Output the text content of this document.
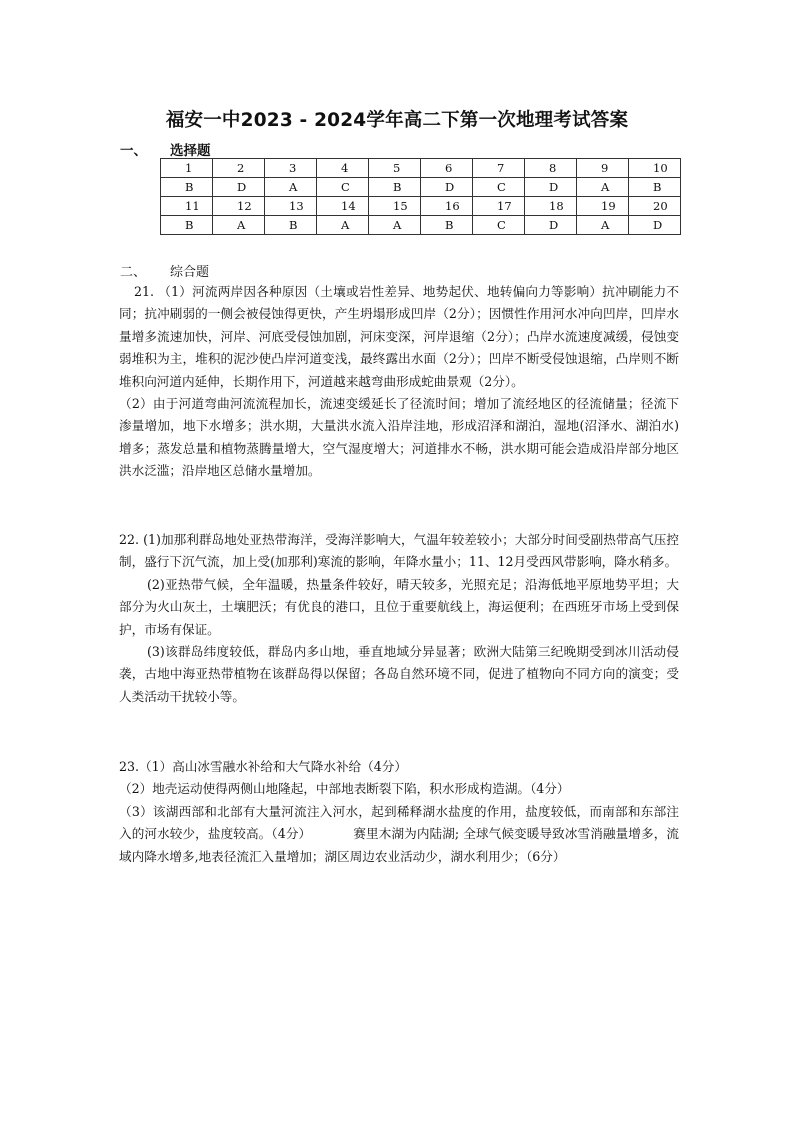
福安一中2023 - 2024学年高二下第一次地理考试答案
一、 选择题
1	2	3	4	5	6	7	8	9	10
B	D	A	C	B	D	C	D	A	B
11	12	13	14	15	16	17	18	19	20
B	A	B	A	A	B	C	D	A	D
二、 综合题

21. （1）河流两岸因各种原因（土壤或岩性差异、地势起伏、地转偏向力等影响）抗冲刷能力不同；抗冲刷弱的一侧会被侵蚀得更快，产生坍塌形成凹岸（2分）；因惯性作用河水冲向凹岸，凹岸水量增多流速加快，河岸、河底受侵蚀加剧，河床变深，河岸退缩（2分）；凸岸水流速度减缓，侵蚀变弱堆积为主，堆积的泥沙使凸岸河道变浅，最终露出水面（2分）；凹岸不断受侵蚀退缩，凸岸则不断堆积向河道内延伸，长期作用下，河道越来越弯曲形成蛇曲景观（2分）。

（2）由于河道弯曲河流流程加长，流速变缓延长了径流时间；增加了流经地区的径流储量；径流下渗量增加，地下水增多；洪水期，大量洪水流入沿岸洼地，形成沼泽和湖泊，湿地(沼泽水、湖泊水)增多；蒸发总量和植物蒸腾量增大，空气湿度增大；河道排水不畅，洪水期可能会造成沿岸部分地区洪水泛滥；沿岸地区总储水量增加。

22. (1)加那利群岛地处亚热带海洋，受海洋影响大，气温年较差较小；大部分时间受副热带高气压控制，盛行下沉气流，加上受(加那利)寒流的影响，年降水量小；11、12月受西风带影响，降水稍多。

(2)亚热带气候，全年温暖，热量条件较好，晴天较多，光照充足；沿海低地平原地势平坦；大部分为火山灰土，土壤肥沃；有优良的港口，且位于重要航线上，海运便利；在西班牙市场上受到保护，市场有保证。

(3)该群岛纬度较低，群岛内多山地，垂直地域分异显著；欧洲大陆第三纪晚期受到冰川活动侵袭，古地中海亚热带植物在该群岛得以保留；各岛自然环境不同，促进了植物向不同方向的演变；受人类活动干扰较小等。

23.（1）高山冰雪融水补给和大气降水补给（4分）

（2）地壳运动使得两侧山地隆起，中部地表断裂下陷，积水形成构造湖。（4分）

（3）该湖西部和北部有大量河流注入河水，起到稀释湖水盐度的作用，盐度较低，而南部和东部注入的河水较少，盐度较高。（4分）	赛里木湖为内陆湖; 全球气候变暖导致冰雪消融量增多，流域内降水增多,地表径流汇入量增加；湖区周边农业活动少，湖水利用少；（6分）
